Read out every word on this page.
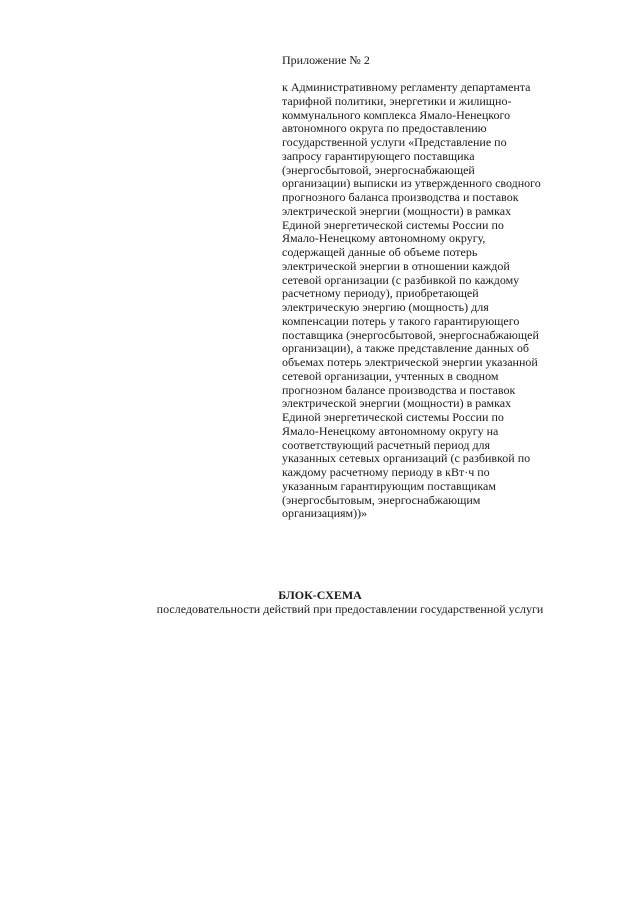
Приложение № 2
к Административному регламенту департамента
тарифной политики, энергетики и жилищно-
коммунального комплекса Ямало-Ненецкого
автономного округа по предоставлению
государственной услуги «Представление по
запросу гарантирующего поставщика
(энергосбытовой, энергоснабжающей
организации) выписки из утвержденного сводного
прогнозного баланса производства и поставок
электрической энергии (мощности) в рамках
Единой энергетической системы России по
Ямало-Ненецкому автономному округу,
содержащей данные об объеме потерь
электрической энергии в отношении каждой
сетевой организации (с разбивкой по каждому
расчетному периоду), приобретающей
электрическую энергию (мощность) для
компенсации потерь у такого гарантирующего
поставщика (энергосбытовой, энергоснабжающей
организации), а также представление данных об
объемах потерь электрической энергии указанной
сетевой организации, учтенных в сводном
прогнозном балансе производства и поставок
электрической энергии (мощности) в рамках
Единой энергетической системы России по
Ямало-Ненецкому автономному округу на
соответствующий расчетный период для
указанных сетевых организаций (с разбивкой по
каждому расчетному периоду в кВт·ч по
указанным гарантирующим поставщикам
(энергосбытовым, энергоснабжающим
организациям))»
БЛОК-СХЕМА
последовательности действий при предоставлении государственной услуги
